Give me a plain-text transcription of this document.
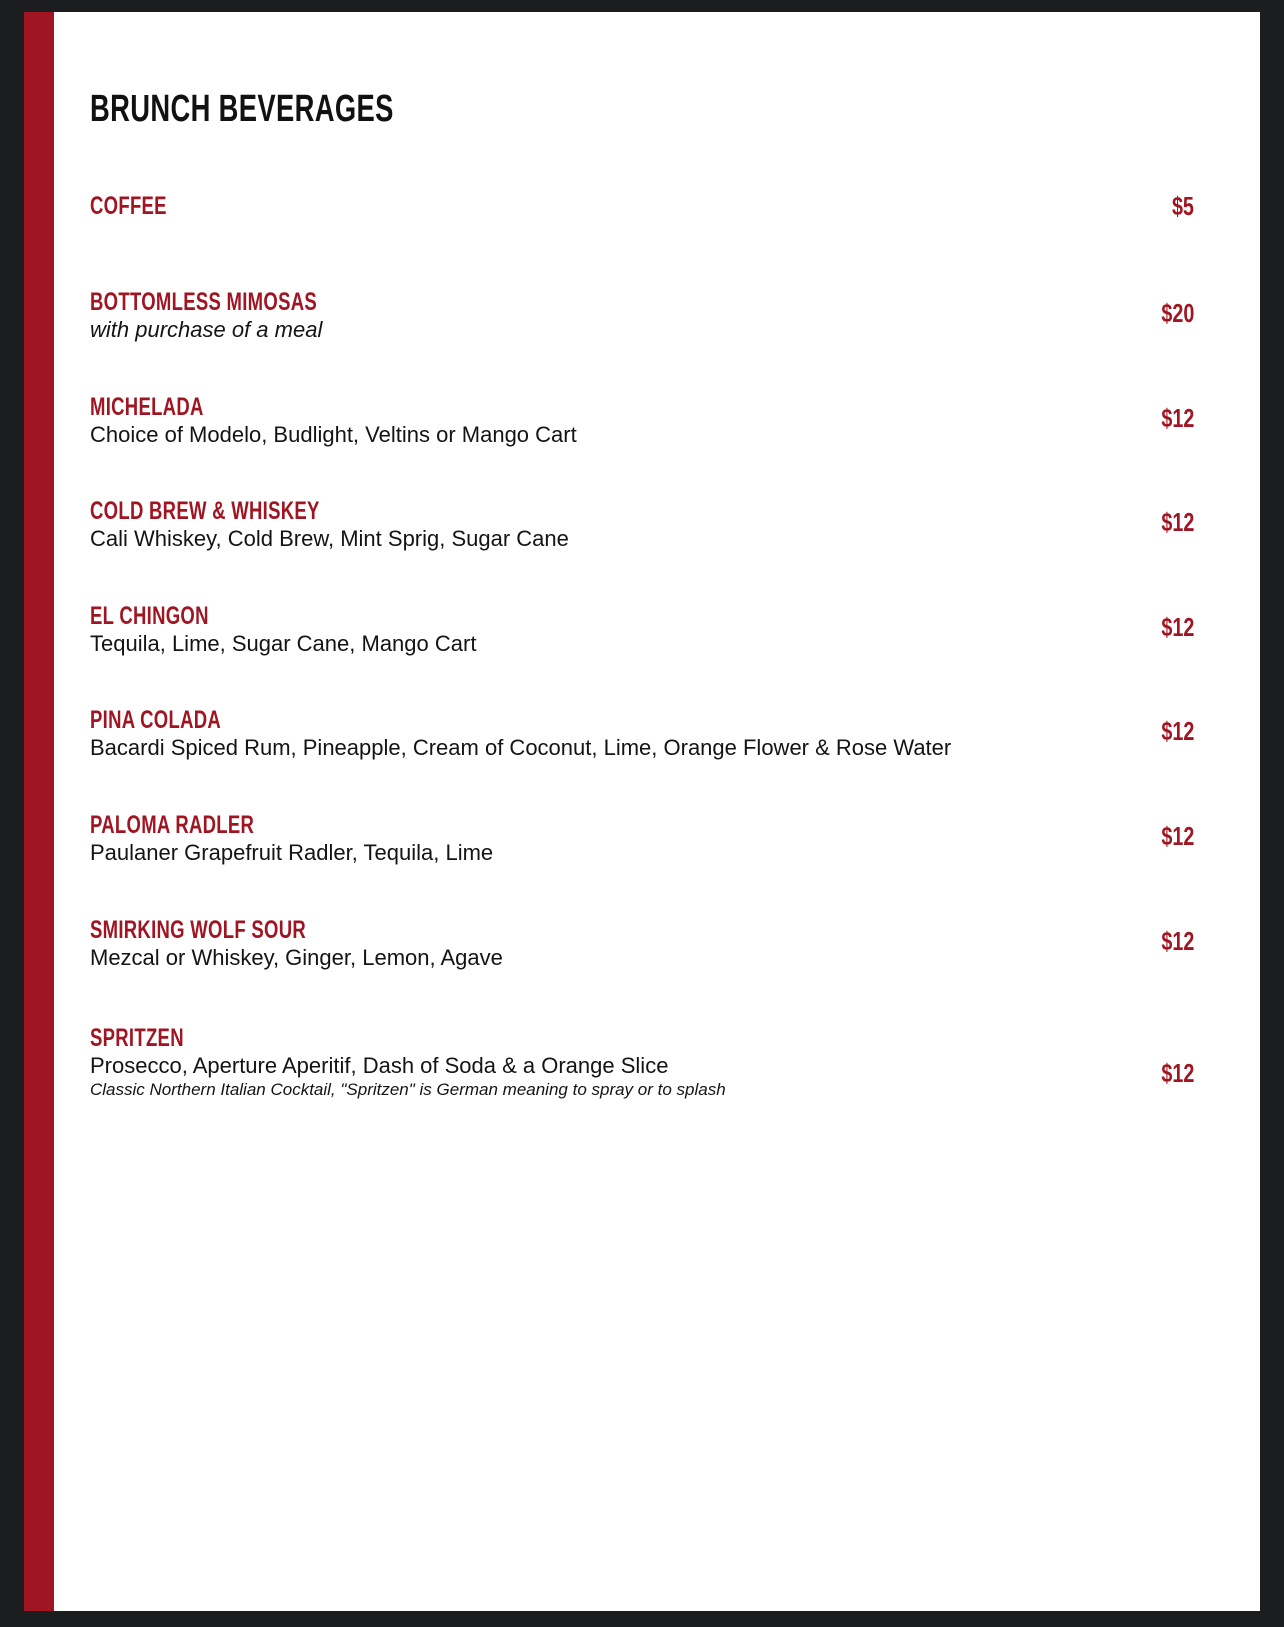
BRUNCH BEVERAGES
COFFEE	$5
BOTTOMLESS MIMOSAS
with purchase of a meal
$20
MICHELADA
Choice of Modelo, Budlight, Veltins or Mango Cart
$12
COLD BREW & WHISKEY
Cali Whiskey, Cold Brew, Mint Sprig, Sugar Cane
$12
EL CHINGON
Tequila, Lime, Sugar Cane, Mango Cart
$12
PINA COLADA
Bacardi Spiced Rum, Pineapple, Cream of Coconut, Lime, Orange Flower & Rose Water
$12
PALOMA RADLER
Paulaner Grapefruit Radler, Tequila, Lime
$12
SMIRKING WOLF SOUR
Mezcal or Whiskey, Ginger, Lemon, Agave
$12
SPRITZEN
Prosecco, Aperture Aperitif, Dash of Soda & a Orange Slice
Classic Northern Italian Cocktail, "Spritzen" is German meaning to spray or to splash
$12
